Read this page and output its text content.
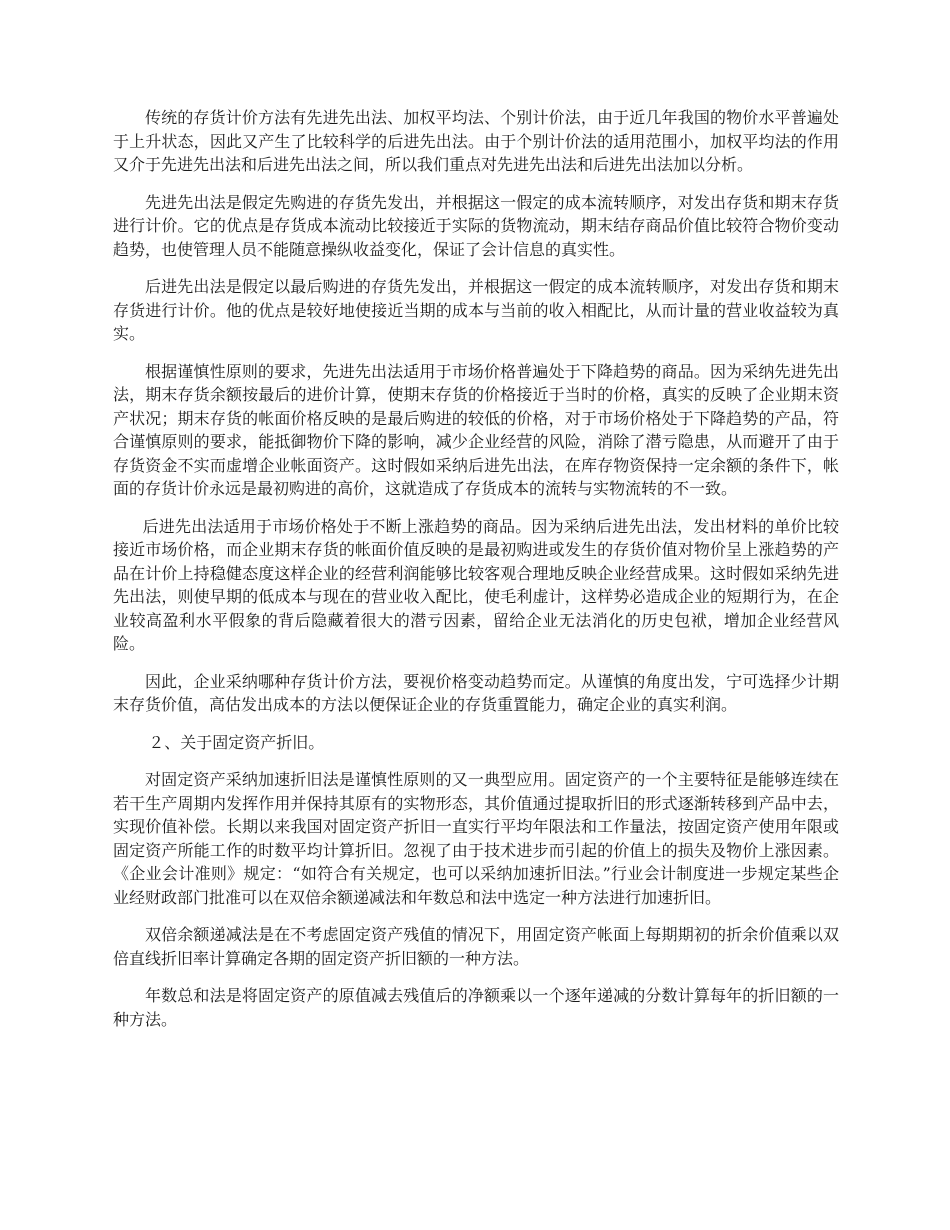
传统的存货计价方法有先进先出法、加权平均法、个别计价法，由于近几年我国的物价水平普遍处于上升状态，因此又产生了比较科学的后进先出法。由于个别计价法的适用范围小，加权平均法的作用又介于先进先出法和后进先出法之间，所以我们重点对先进先出法和后进先出法加以分析。

先进先出法是假定先购进的存货先发出，并根据这一假定的成本流转顺序，对发出存货和期末存货进行计价。它的优点是存货成本流动比较接近于实际的货物流动，期末结存商品价值比较符合物价变动趋势，也使管理人员不能随意操纵收益变化，保证了会计信息的真实性。

后进先出法是假定以最后购进的存货先发出，并根据这一假定的成本流转顺序，对发出存货和期末存货进行计价。他的优点是较好地使接近当期的成本与当前的收入相配比，从而计量的营业收益较为真实。

根据谨慎性原则的要求，先进先出法适用于市场价格普遍处于下降趋势的商品。因为采纳先进先出法，期末存货余额按最后的进价计算，使期末存货的价格接近于当时的价格，真实的反映了企业期末资产状况；期末存货的帐面价格反映的是最后购进的较低的价格，对于市场价格处于下降趋势的产品，符合谨慎原则的要求，能抵御物价下降的影响，减少企业经营的风险，消除了潜亏隐患，从而避开了由于存货资金不实而虚增企业帐面资产。这时假如采纳后进先出法，在库存物资保持一定余额的条件下，帐面的存货计价永远是最初购进的高价，这就造成了存货成本的流转与实物流转的不一致。

后进先出法适用于市场价格处于不断上涨趋势的商品。因为采纳后进先出法，发出材料的单价比较接近市场价格，而企业期末存货的帐面价值反映的是最初购进或发生的存货价值对物价呈上涨趋势的产品在计价上持稳健态度这样企业的经营利润能够比较客观合理地反映企业经营成果。这时假如采纳先进先出法，则使早期的低成本与现在的营业收入配比，使毛利虚计，这样势必造成企业的短期行为，在企业较高盈利水平假象的背后隐藏着很大的潜亏因素，留给企业无法消化的历史包袱，增加企业经营风险。

因此，企业采纳哪种存货计价方法，要视价格变动趋势而定。从谨慎的角度出发，宁可选择少计期末存货价值，高估发出成本的方法以便保证企业的存货重置能力，确定企业的真实利润。

２、关于固定资产折旧。

对固定资产采纳加速折旧法是谨慎性原则的又一典型应用。固定资产的一个主要特征是能够连续在若干生产周期内发挥作用并保持其原有的实物形态，其价值通过提取折旧的形式逐渐转移到产品中去，实现价值补偿。长期以来我国对固定资产折旧一直实行平均年限法和工作量法，按固定资产使用年限或固定资产所能工作的时数平均计算折旧。忽视了由于技术进步而引起的价值上的损失及物价上涨因素。《企业会计准则》规定：“如符合有关规定，也可以采纳加速折旧法。”行业会计制度进一步规定某些企业经财政部门批准可以在双倍余额递减法和年数总和法中选定一种方法进行加速折旧。

双倍余额递减法是在不考虑固定资产残值的情况下，用固定资产帐面上每期期初的折余价值乘以双倍直线折旧率计算确定各期的固定资产折旧额的一种方法。

年数总和法是将固定资产的原值减去残值后的净额乘以一个逐年递减的分数计算每年的折旧额的一种方法。
